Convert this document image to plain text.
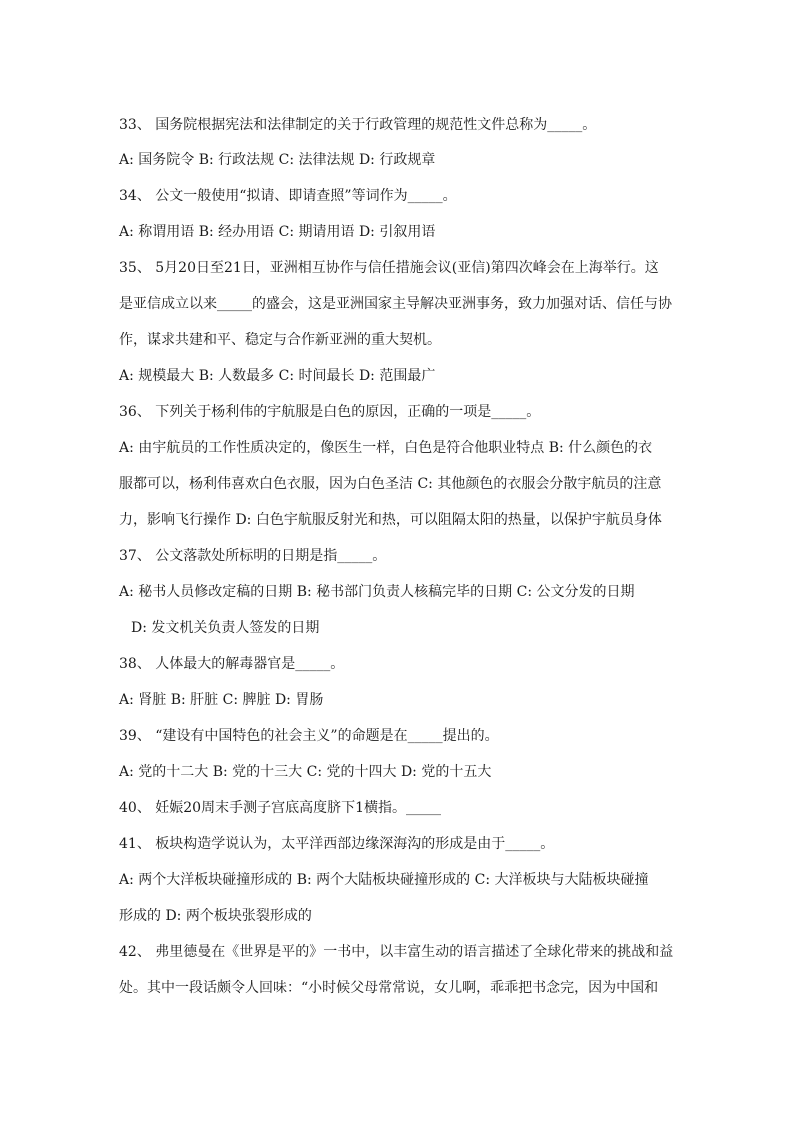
33、 国务院根据宪法和法律制定的关于行政管理的规范性文件总称为_____。
A: 国务院令 B: 行政法规 C: 法律法规 D: 行政规章
34、 公文一般使用“拟请、即请查照”等词作为_____。
A: 称谓用语 B: 经办用语 C: 期请用语 D: 引叙用语
35、 5月20日至21日，亚洲相互协作与信任措施会议(亚信)第四次峰会在上海举行。这
是亚信成立以来_____的盛会，这是亚洲国家主导解决亚洲事务，致力加强对话、信任与协
作，谋求共建和平、稳定与合作新亚洲的重大契机。
A: 规模最大 B: 人数最多 C: 时间最长 D: 范围最广
36、 下列关于杨利伟的宇航服是白色的原因，正确的一项是_____。
A: 由宇航员的工作性质决定的，像医生一样，白色是符合他职业特点 B: 什么颜色的衣
服都可以，杨利伟喜欢白色衣服，因为白色圣洁 C: 其他颜色的衣服会分散宇航员的注意
力，影响飞行操作 D: 白色宇航服反射光和热，可以阻隔太阳的热量，以保护宇航员身体
37、 公文落款处所标明的日期是指_____。
A: 秘书人员修改定稿的日期 B: 秘书部门负责人核稿完毕的日期 C: 公文分发的日期
D: 发文机关负责人签发的日期
38、 人体最大的解毒器官是_____。
A: 肾脏 B: 肝脏 C: 脾脏 D: 胃肠
39、 “建设有中国特色的社会主义”的命题是在_____提出的。
A: 党的十二大 B: 党的十三大 C: 党的十四大 D: 党的十五大
40、 妊娠20周末手测子宫底高度脐下1横指。_____
41、 板块构造学说认为，太平洋西部边缘深海沟的形成是由于_____。
A: 两个大洋板块碰撞形成的 B: 两个大陆板块碰撞形成的 C: 大洋板块与大陆板块碰撞
形成的 D: 两个板块张裂形成的
42、 弗里德曼在《世界是平的》一书中，以丰富生动的语言描述了全球化带来的挑战和益
处。其中一段话颇令人回味：“小时候父母常常说，女儿啊，乖乖把书念完，因为中国和
